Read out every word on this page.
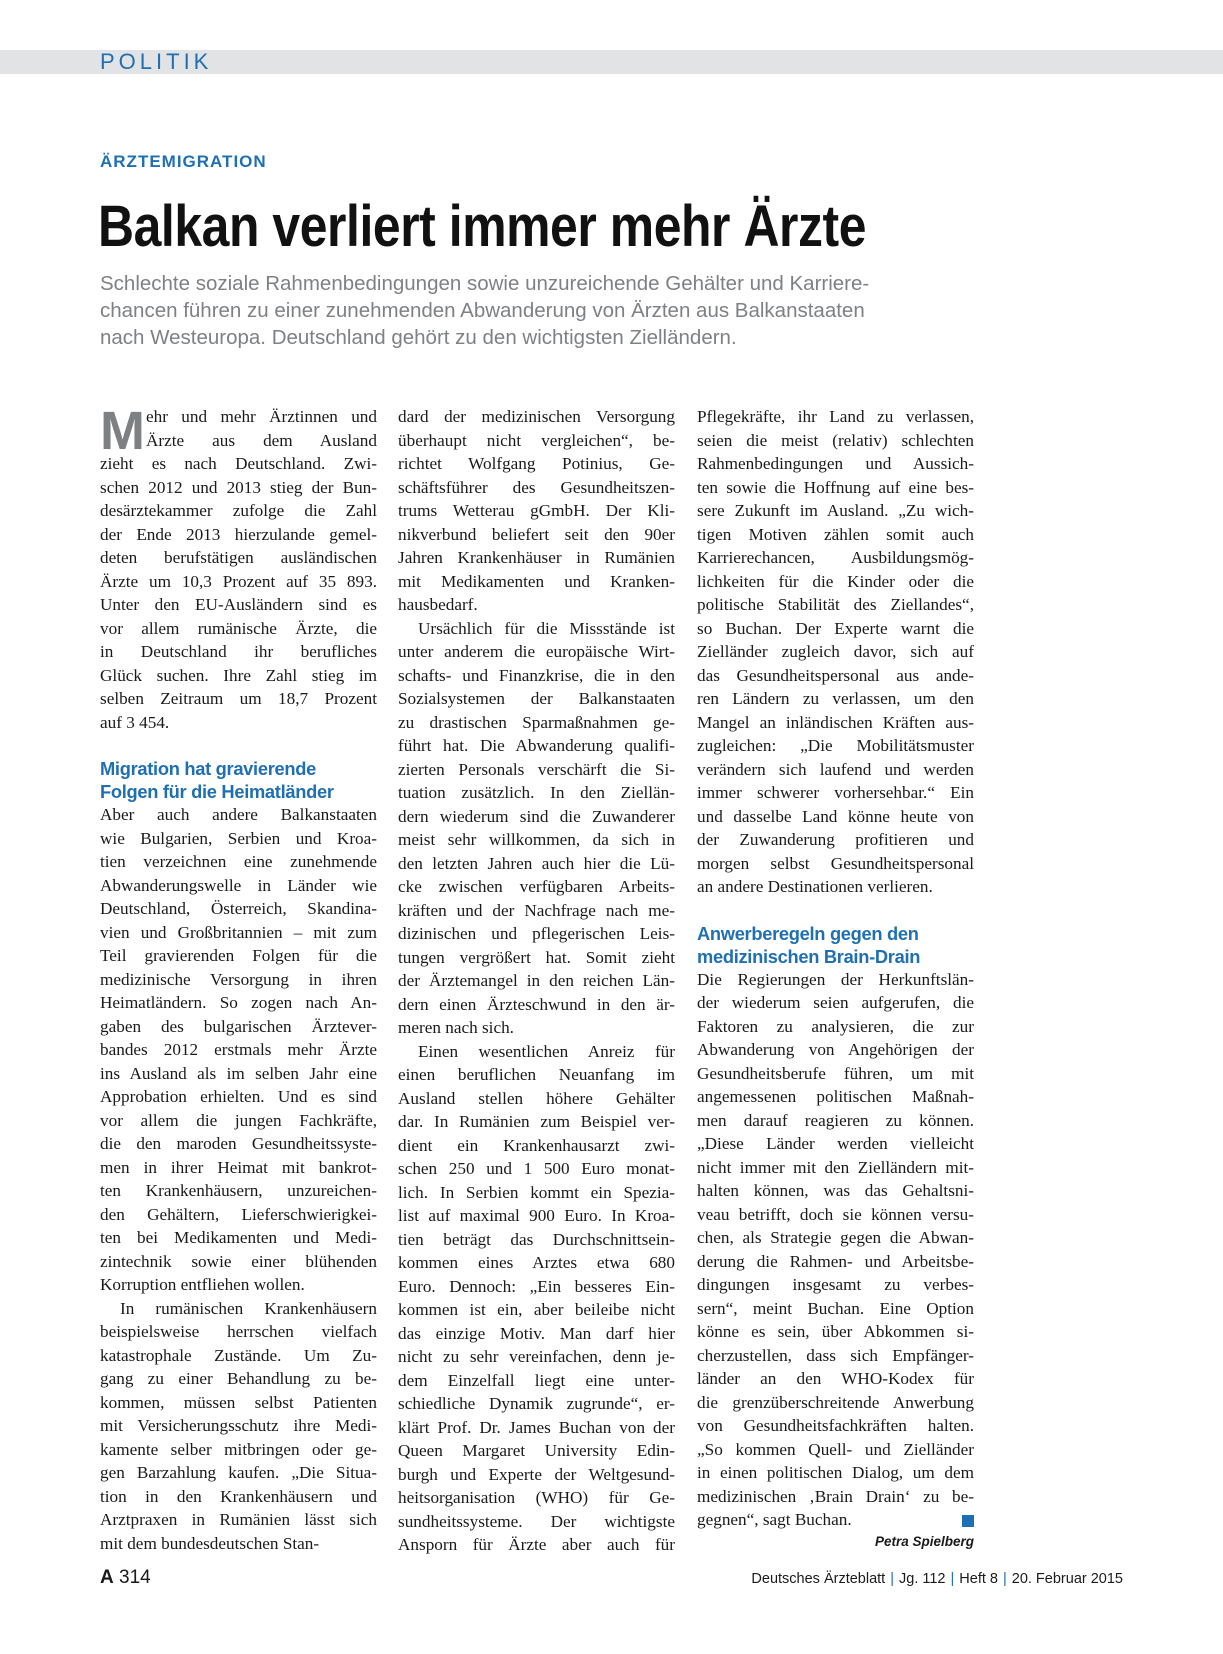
POLITIK
ÄRZTEMIGRATION
Balkan verliert immer mehr Ärzte
Schlechte soziale Rahmenbedingungen sowie unzureichende Gehälter und Karriere-
chancen führen zu einer zunehmenden Abwanderung von Ärzten aus Balkanstaaten
nach Westeuropa. Deutschland gehört zu den wichtigsten Zielländern.
M ehr und mehr Ärztinnen und
Ärzte aus dem Ausland
zieht es nach Deutschland. Zwi-
schen 2012 und 2013 stieg der Bun-
desärztekammer zufolge die Zahl
der Ende 2013 hierzulande gemel-
deten berufstätigen ausländischen
Ärzte um 10,3 Prozent auf 35 893.
Unter den EU-Ausländern sind es
vor allem rumänische Ärzte, die
in Deutschland ihr berufliches
Glück suchen. Ihre Zahl stieg im
selben Zeitraum um 18,7 Prozent
auf 3 454.
Migration hat gravierende
Folgen für die Heimatländer
Aber auch andere Balkanstaaten
wie Bulgarien, Serbien und Kroa-
tien verzeichnen eine zunehmende
Abwanderungswelle in Länder wie
Deutschland, Österreich, Skandina-
vien und Großbritannien – mit zum
Teil gravierenden Folgen für die
medizinische Versorgung in ihren
Heimatländern. So zogen nach An-
gaben des bulgarischen Ärztever-
bandes 2012 erstmals mehr Ärzte
ins Ausland als im selben Jahr eine
Approbation erhielten. Und es sind
vor allem die jungen Fachkräfte,
die den maroden Gesundheitssyste-
men in ihrer Heimat mit bankrot-
ten Krankenhäusern, unzureichen-
den Gehältern, Lieferschwierigkei-
ten bei Medikamenten und Medi-
zintechnik sowie einer blühenden
Korruption entfliehen wollen.
In rumänischen Krankenhäusern
beispielsweise herrschen vielfach
katastrophale Zustände. Um Zu-
gang zu einer Behandlung zu be-
kommen, müssen selbst Patienten
mit Versicherungsschutz ihre Medi-
kamente selber mitbringen oder ge-
gen Barzahlung kaufen. „Die Situa-
tion in den Krankenhäusern und
Arztpraxen in Rumänien lässt sich
mit dem bundesdeutschen Stan-
dard der medizinischen Versorgung
überhaupt nicht vergleichen“, be-
richtet Wolfgang Potinius, Ge-
schäftsführer des Gesundheitszen-
trums Wetterau gGmbH. Der Kli-
nikverbund beliefert seit den 90er
Jahren Krankenhäuser in Rumänien
mit Medikamenten und Kranken-
hausbedarf.
Ursächlich für die Missstände ist
unter anderem die europäische Wirt-
schafts- und Finanzkrise, die in den
Sozialsystemen der Balkanstaaten
zu drastischen Sparmaßnahmen ge-
führt hat. Die Abwanderung qualifi-
zierten Personals verschärft die Si-
tuation zusätzlich. In den Ziellän-
dern wiederum sind die Zuwanderer
meist sehr willkommen, da sich in
den letzten Jahren auch hier die Lü-
cke zwischen verfügbaren Arbeits-
kräften und der Nachfrage nach me-
dizinischen und pflegerischen Leis-
tungen vergrößert hat. Somit zieht
der Ärztemangel in den reichen Län-
dern einen Ärzteschwund in den är-
meren nach sich.
Einen wesentlichen Anreiz für
einen beruflichen Neuanfang im
Ausland stellen höhere Gehälter
dar. In Rumänien zum Beispiel ver-
dient ein Krankenhausarzt zwi-
schen 250 und 1 500 Euro monat-
lich. In Serbien kommt ein Spezia-
list auf maximal 900 Euro. In Kroa-
tien beträgt das Durchschnittsein-
kommen eines Arztes etwa 680
Euro. Dennoch: „Ein besseres Ein-
kommen ist ein, aber beileibe nicht
das einzige Motiv. Man darf hier
nicht zu sehr vereinfachen, denn je-
dem Einzelfall liegt eine unter-
schiedliche Dynamik zugrunde“, er-
klärt Prof. Dr. James Buchan von der
Queen Margaret University Edin-
burgh und Experte der Weltgesund-
heitsorganisation (WHO) für Ge-
sundheitssysteme. Der wichtigste
Ansporn für Ärzte aber auch für
Pflegekräfte, ihr Land zu verlassen,
seien die meist (relativ) schlechten
Rahmenbedingungen und Aussich-
ten sowie die Hoffnung auf eine bes-
sere Zukunft im Ausland. „Zu wich-
tigen Motiven zählen somit auch
Karrierechancen, Ausbildungsmög-
lichkeiten für die Kinder oder die
politische Stabilität des Ziellandes“,
so Buchan. Der Experte warnt die
Zielländer zugleich davor, sich auf
das Gesundheitspersonal aus ande-
ren Ländern zu verlassen, um den
Mangel an inländischen Kräften aus-
zugleichen: „Die Mobilitätsmuster
verändern sich laufend und werden
immer schwerer vorhersehbar.“ Ein
und dasselbe Land könne heute von
der Zuwanderung profitieren und
morgen selbst Gesundheitspersonal
an andere Destinationen verlieren.
Anwerberegeln gegen den
medizinischen Brain-Drain
Die Regierungen der Herkunftslän-
der wiederum seien aufgerufen, die
Faktoren zu analysieren, die zur
Abwanderung von Angehörigen der
Gesundheitsberufe führen, um mit
angemessenen politischen Maßnah-
men darauf reagieren zu können.
„Diese Länder werden vielleicht
nicht immer mit den Zielländern mit-
halten können, was das Gehaltsni-
veau betrifft, doch sie können versu-
chen, als Strategie gegen die Abwan-
derung die Rahmen- und Arbeitsbe-
dingungen insgesamt zu verbes-
sern“, meint Buchan. Eine Option
könne es sein, über Abkommen si-
cherzustellen, dass sich Empfänger-
länder an den WHO-Kodex für
die grenzüberschreitende Anwerbung
von Gesundheitsfachkräften halten.
„So kommen Quell- und Zielländer
in einen politischen Dialog, um dem
medizinischen ‚Brain Drain‘ zu be-
gegnen“, sagt Buchan.
Petra Spielberg
A 314	Deutsches Ärzteblatt | Jg. 112 | Heft 8 | 20. Februar 2015
